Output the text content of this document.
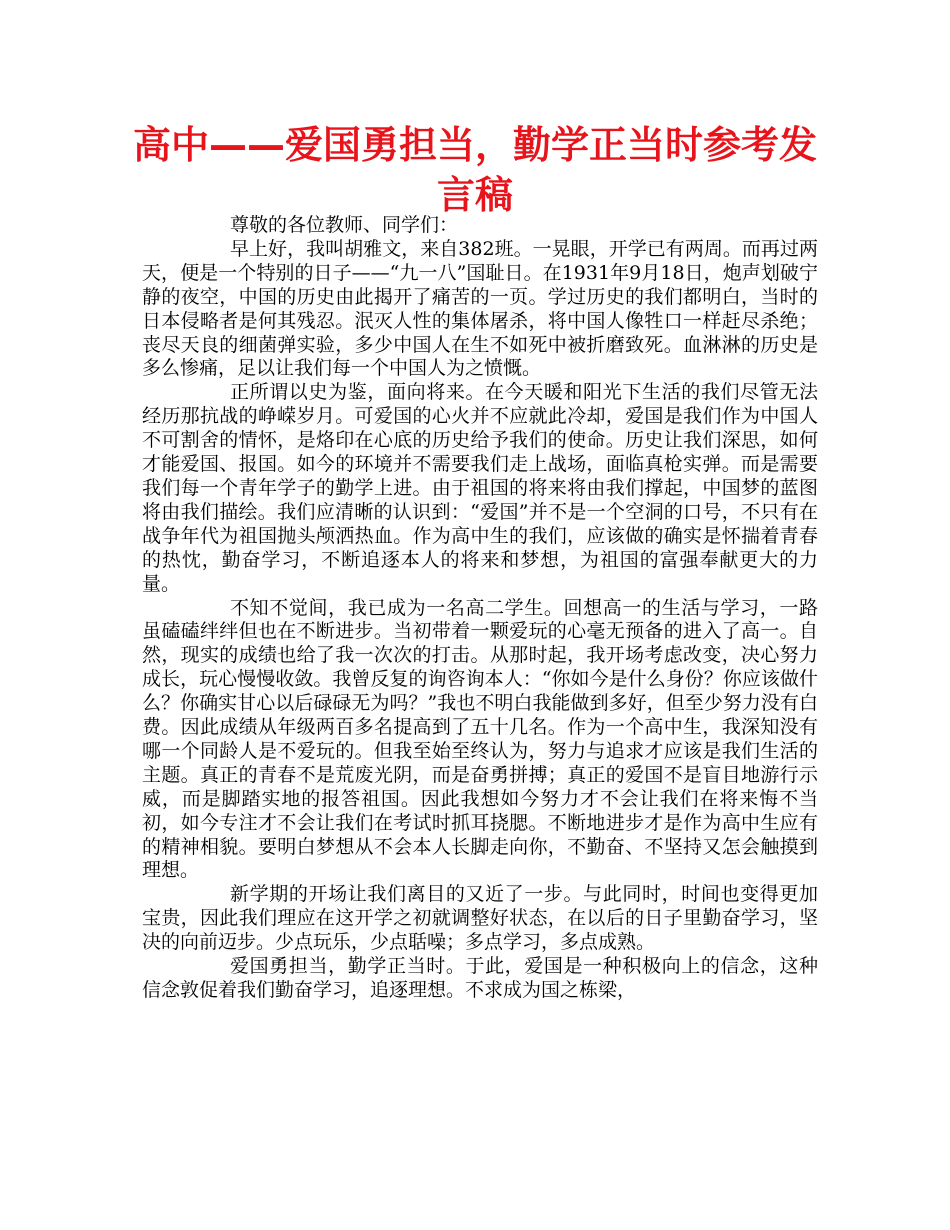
高中——爱国勇担当，勤学正当时参考发言稿

尊敬的各位教师、同学们：

早上好，我叫胡雅文，来自382班。一晃眼，开学已有两周。而再过两天，便是一个特别的日子——“九一八”国耻日。在1931年9月18日，炮声划破宁静的夜空，中国的历史由此揭开了痛苦的一页。学过历史的我们都明白，当时的日本侵略者是何其残忍。泯灭人性的集体屠杀，将中国人像牲口一样赶尽杀绝；丧尽天良的细菌弹实验，多少中国人在生不如死中被折磨致死。血淋淋的历史是多么惨痛，足以让我们每一个中国人为之愤慨。

正所谓以史为鉴，面向将来。在今天暖和阳光下生活的我们尽管无法经历那抗战的峥嵘岁月。可爱国的心火并不应就此冷却，爱国是我们作为中国人不可割舍的情怀，是烙印在心底的历史给予我们的使命。历史让我们深思，如何才能爱国、报国。如今的环境并不需要我们走上战场，面临真枪实弹。而是需要我们每一个青年学子的勤学上进。由于祖国的将来将由我们撑起，中国梦的蓝图将由我们描绘。我们应清晰的认识到：“爱国”并不是一个空洞的口号，不只有在战争年代为祖国抛头颅洒热血。作为高中生的我们，应该做的确实是怀揣着青春的热忱，勤奋学习，不断追逐本人的将来和梦想，为祖国的富强奉献更大的力量。

不知不觉间，我已成为一名高二学生。回想高一的生活与学习，一路虽磕磕绊绊但也在不断进步。当初带着一颗爱玩的心毫无预备的进入了高一。自然，现实的成绩也给了我一次次的打击。从那时起，我开场考虑改变，决心努力成长，玩心慢慢收敛。我曾反复的询咨询本人：“你如今是什么身份？你应该做什么？你确实甘心以后碌碌无为吗？”我也不明白我能做到多好，但至少努力没有白费。因此成绩从年级两百多名提高到了五十几名。作为一个高中生，我深知没有哪一个同龄人是不爱玩的。但我至始至终认为，努力与追求才应该是我们生活的主题。真正的青春不是荒废光阴，而是奋勇拼搏；真正的爱国不是盲目地游行示威，而是脚踏实地的报答祖国。因此我想如今努力才不会让我们在将来悔不当初，如今专注才不会让我们在考试时抓耳挠腮。不断地进步才是作为高中生应有的精神相貌。要明白梦想从不会本人长脚走向你，不勤奋、不坚持又怎会触摸到理想。

新学期的开场让我们离目的又近了一步。与此同时，时间也变得更加宝贵，因此我们理应在这开学之初就调整好状态，在以后的日子里勤奋学习，坚决的向前迈步。少点玩乐，少点聒噪；多点学习，多点成熟。

爱国勇担当，勤学正当时。于此，爱国是一种积极向上的信念，这种信念敦促着我们勤奋学习，追逐理想。不求成为国之栋梁，
